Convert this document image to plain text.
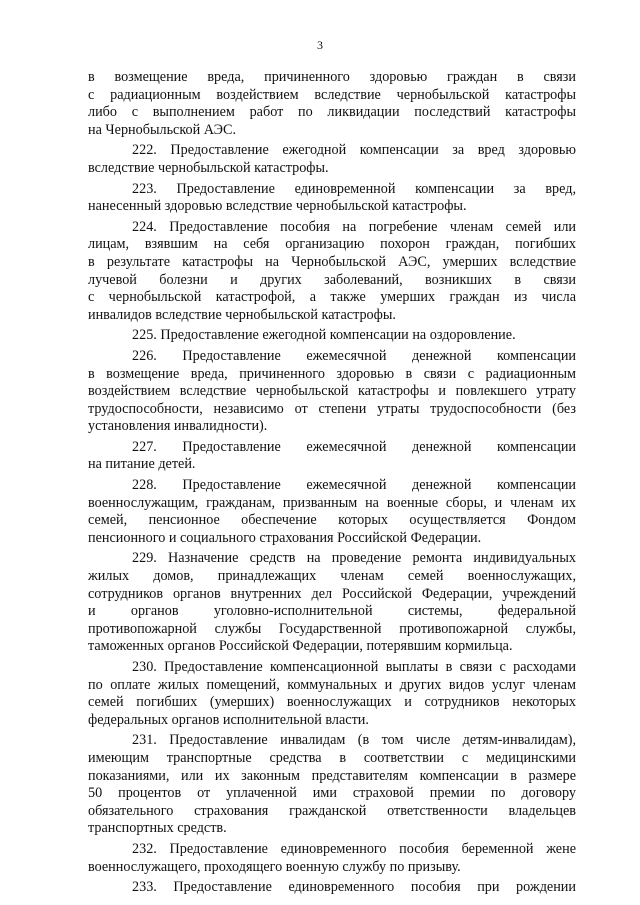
3
в возмещение вреда, причиненного здоровью граждан в связи
с радиационным воздействием вследствие чернобыльской катастрофы
либо с выполнением работ по ликвидации последствий катастрофы
на Чернобыльской АЭС.
222. Предоставление ежегодной компенсации за вред здоровью
вследствие чернобыльской катастрофы.
223. Предоставление единовременной компенсации за вред,
нанесенный здоровью вследствие чернобыльской катастрофы.
224. Предоставление пособия на погребение членам семей или
лицам, взявшим на себя организацию похорон граждан, погибших
в результате катастрофы на Чернобыльской АЭС, умерших вследствие
лучевой болезни и других заболеваний, возникших в связи
с чернобыльской катастрофой, а также умерших граждан из числа
инвалидов вследствие чернобыльской катастрофы.
225. Предоставление ежегодной компенсации на оздоровление.
226. Предоставление ежемесячной денежной компенсации
в возмещение вреда, причиненного здоровью в связи с радиационным
воздействием вследствие чернобыльской катастрофы и повлекшего утрату
трудоспособности, независимо от степени утраты трудоспособности (без
установления инвалидности).
227. Предоставление ежемесячной денежной компенсации
на питание детей.
228. Предоставление ежемесячной денежной компенсации
военнослужащим, гражданам, призванным на военные сборы, и членам их
семей, пенсионное обеспечение которых осуществляется Фондом
пенсионного и социального страхования Российской Федерации.
229. Назначение средств на проведение ремонта индивидуальных
жилых домов, принадлежащих членам семей военнослужащих,
сотрудников органов внутренних дел Российской Федерации, учреждений
и органов уголовно-исполнительной системы, федеральной
противопожарной службы Государственной противопожарной службы,
таможенных органов Российской Федерации, потерявшим кормильца.
230. Предоставление компенсационной выплаты в связи с расходами
по оплате жилых помещений, коммунальных и других видов услуг членам
семей погибших (умерших) военнослужащих и сотрудников некоторых
федеральных органов исполнительной власти.
231. Предоставление инвалидам (в том числе детям-инвалидам),
имеющим транспортные средства в соответствии с медицинскими
показаниями, или их законным представителям компенсации в размере
50 процентов от уплаченной ими страховой премии по договору
обязательного страхования гражданской ответственности владельцев
транспортных средств.
232. Предоставление единовременного пособия беременной жене
военнослужащего, проходящего военную службу по призыву.
233. Предоставление единовременного пособия при рождении
